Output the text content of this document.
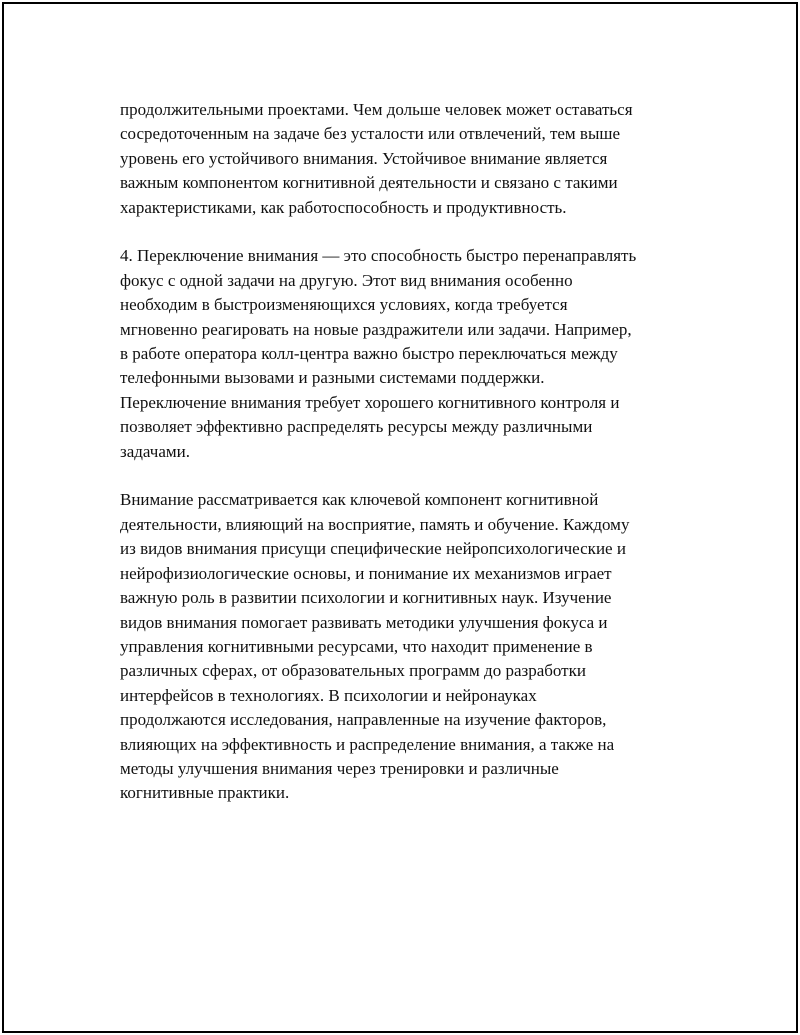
продолжительными проектами. Чем дольше человек может оставаться
сосредоточенным на задаче без усталости или отвлечений, тем выше
уровень его устойчивого внимания. Устойчивое внимание является
важным компонентом когнитивной деятельности и связано с такими
характеристиками, как работоспособность и продуктивность.

4. Переключение внимания — это способность быстро перенаправлять
фокус с одной задачи на другую. Этот вид внимания особенно
необходим в быстроизменяющихся условиях, когда требуется
мгновенно реагировать на новые раздражители или задачи. Например,
в работе оператора колл-центра важно быстро переключаться между
телефонными вызовами и разными системами поддержки.
Переключение внимания требует хорошего когнитивного контроля и
позволяет эффективно распределять ресурсы между различными
задачами.

Внимание рассматривается как ключевой компонент когнитивной
деятельности, влияющий на восприятие, память и обучение. Каждому
из видов внимания присущи специфические нейропсихологические и
нейрофизиологические основы, и понимание их механизмов играет
важную роль в развитии психологии и когнитивных наук. Изучение
видов внимания помогает развивать методики улучшения фокуса и
управления когнитивными ресурсами, что находит применение в
различных сферах, от образовательных программ до разработки
интерфейсов в технологиях. В психологии и нейронауках
продолжаются исследования, направленные на изучение факторов,
влияющих на эффективность и распределение внимания, а также на
методы улучшения внимания через тренировки и различные
когнитивные практики.
